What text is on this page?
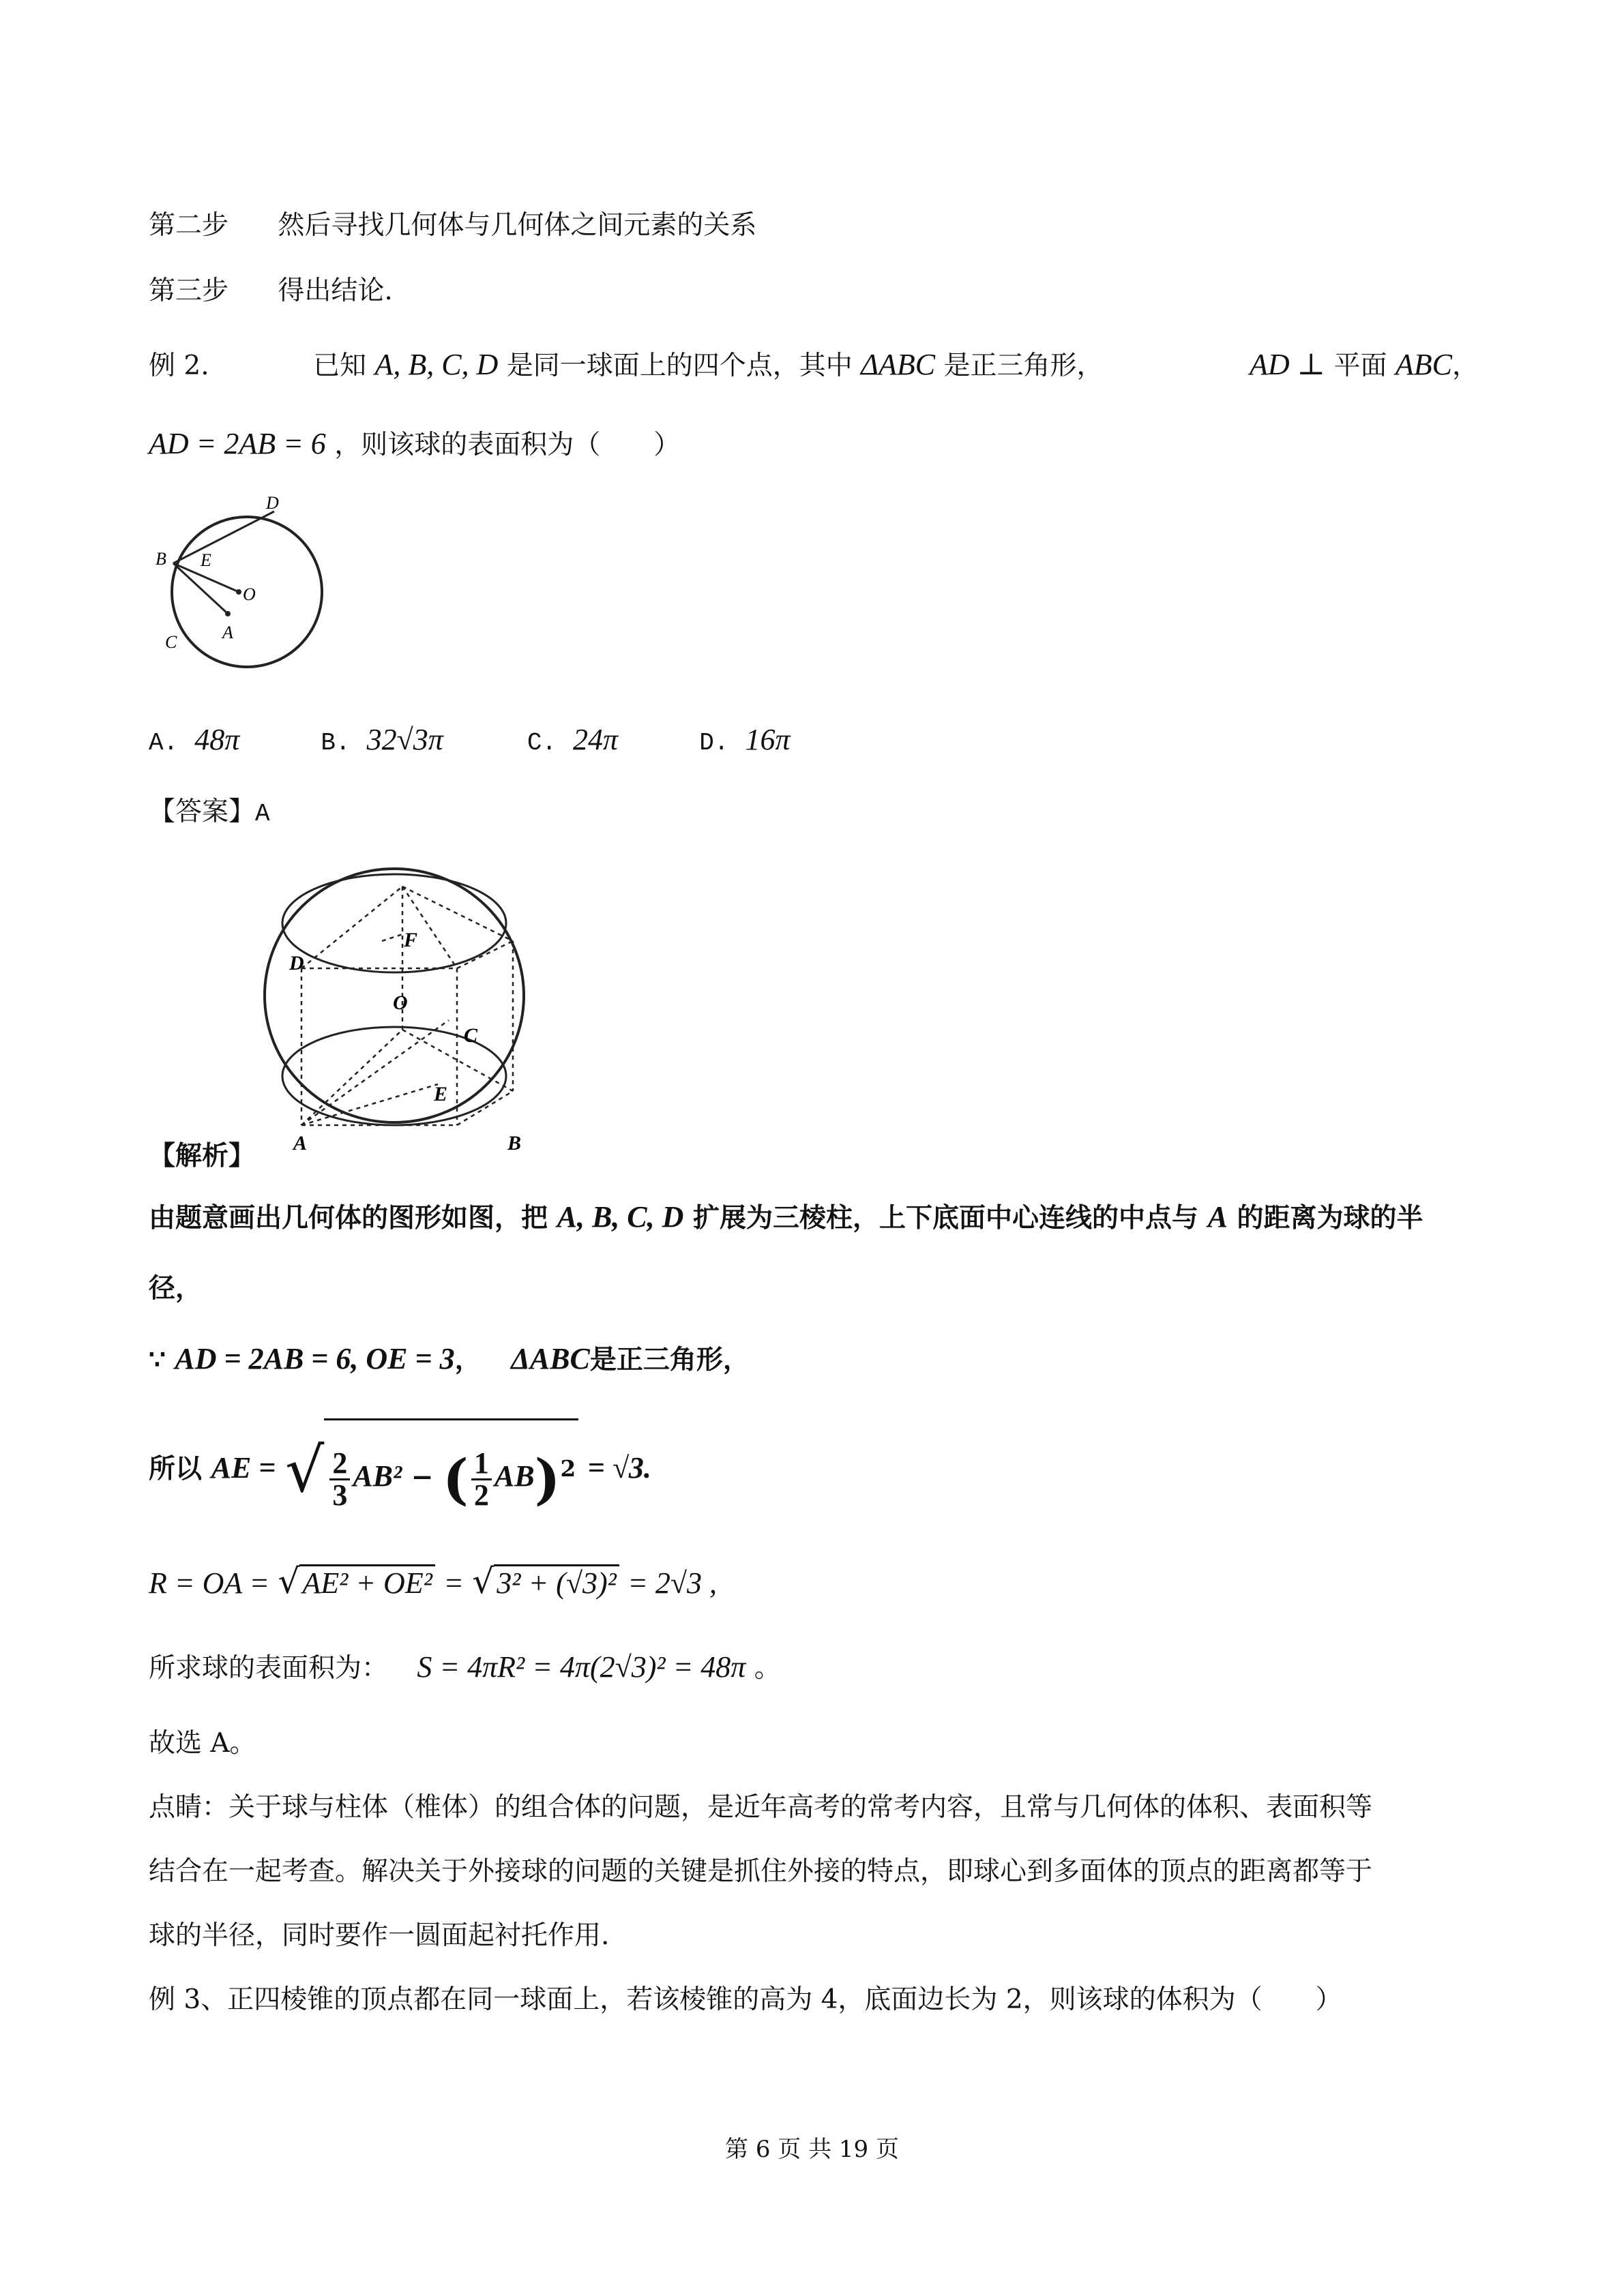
第二步 然后寻找几何体与几何体之间元素的关系
第三步 得出结论.
例 2.	已知 A, B, C, D 是同一球面上的四个点，其中 ΔABC 是正三角形，	AD ⊥ 平面 ABC，
AD = 2AB = 6 ，则该球的表面积为（　　）
D
B E
O
C	A
A. 48π	B. 32√3π	C. 24π	D. 16π
【答案】A
D
F
O
C
E
A	B
【解析】
由题意画出几何体的图形如图，把 A, B, C, D 扩展为三棱柱，上下底面中心连线的中点与 A 的距离为球的半
径，
∵ AD = 2AB = 6, OE = 3， ΔABC是正三角形，
所以 AE = √ $\frac{2}{3} AB^2$ − ( $\frac{1}{2} AB)^2 = √3$.
R = OA = √AE² + OE² = √3² + (√3)² = 2√3 ,
所求球的表面积为： S = 4πR² = 4π(2√3)² = 48π 。
故选 A。
点睛：关于球与柱体（椎体）的组合体的问题，是近年高考的常考内容，且常与几何体的体积、表面积等
结合在一起考查。解决关于外接球的问题的关键是抓住外接的特点，即球心到多面体的顶点的距离都等于
球的半径，同时要作一圆面起衬托作用.
例 3、正四棱锥的顶点都在同一球面上，若该棱锥的高为 4，底面边长为 2，则该球的体积为（　　）
第 6 页 共 19 页
